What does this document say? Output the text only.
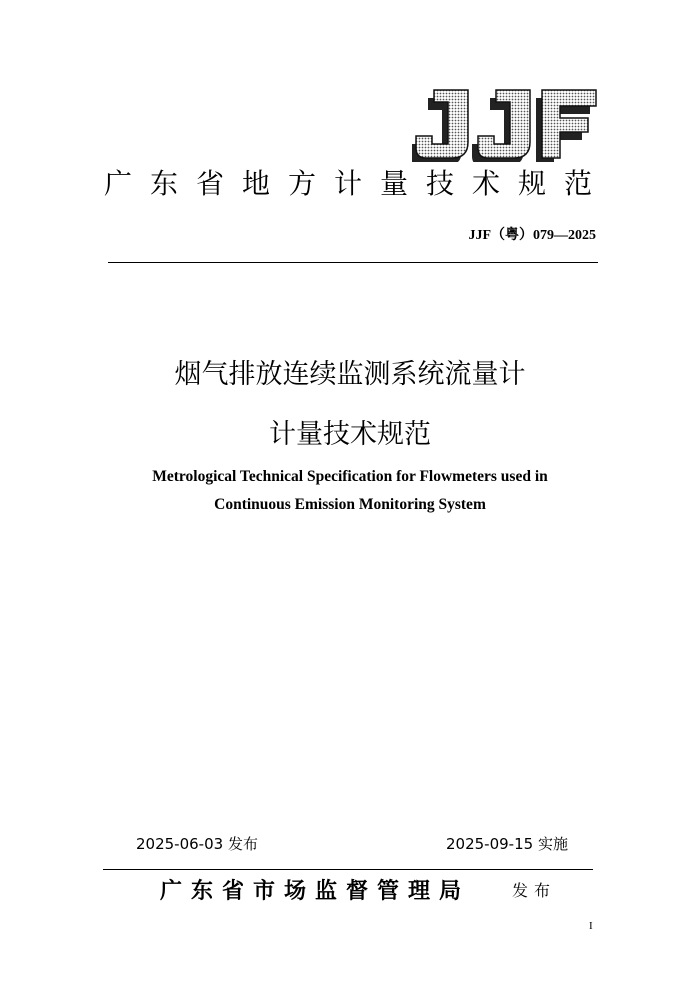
广东省地方计量技术规范
JJF（粤）079—2025
烟气排放连续监测系统流量计
计量技术规范
Metrological Technical Specification for Flowmeters used in
Continuous Emission Monitoring System
2025-06-03 发布	2025-09-15 实施
广东省市场监督管理局	发布
I
